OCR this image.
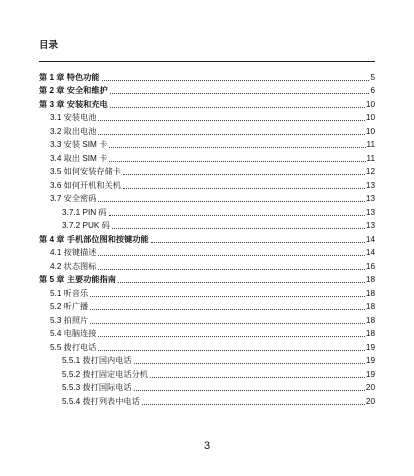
目录
第 1 章 特色功能	5
第 2 章 安全和维护	6
第 3 章 安装和充电	10
3.1 安装电池	10
3.2 取出电池	10
3.3 安装 SIM 卡	11
3.4 取出 SIM 卡	11
3.5 如何安装存储卡	12
3.6 如何开机和关机	13
3.7 安全密码	13
3.7.1 PIN 码	13
3.7.2 PUK 码	13
第 4 章 手机部位图和按键功能	14
4.1 按键描述	14
4.2 状态图标	16
第 5 章 主要功能指南	18
5.1 听音乐	18
5.2 听广播	18
5.3 拍照片	18
5.4 电脑连接	18
5.5 拨打电话	19
5.5.1 拨打国内电话	19
5.5.2 拨打固定电话分机	19
5.5.3 拨打国际电话	20
5.5.4 拨打列表中电话	20
3
